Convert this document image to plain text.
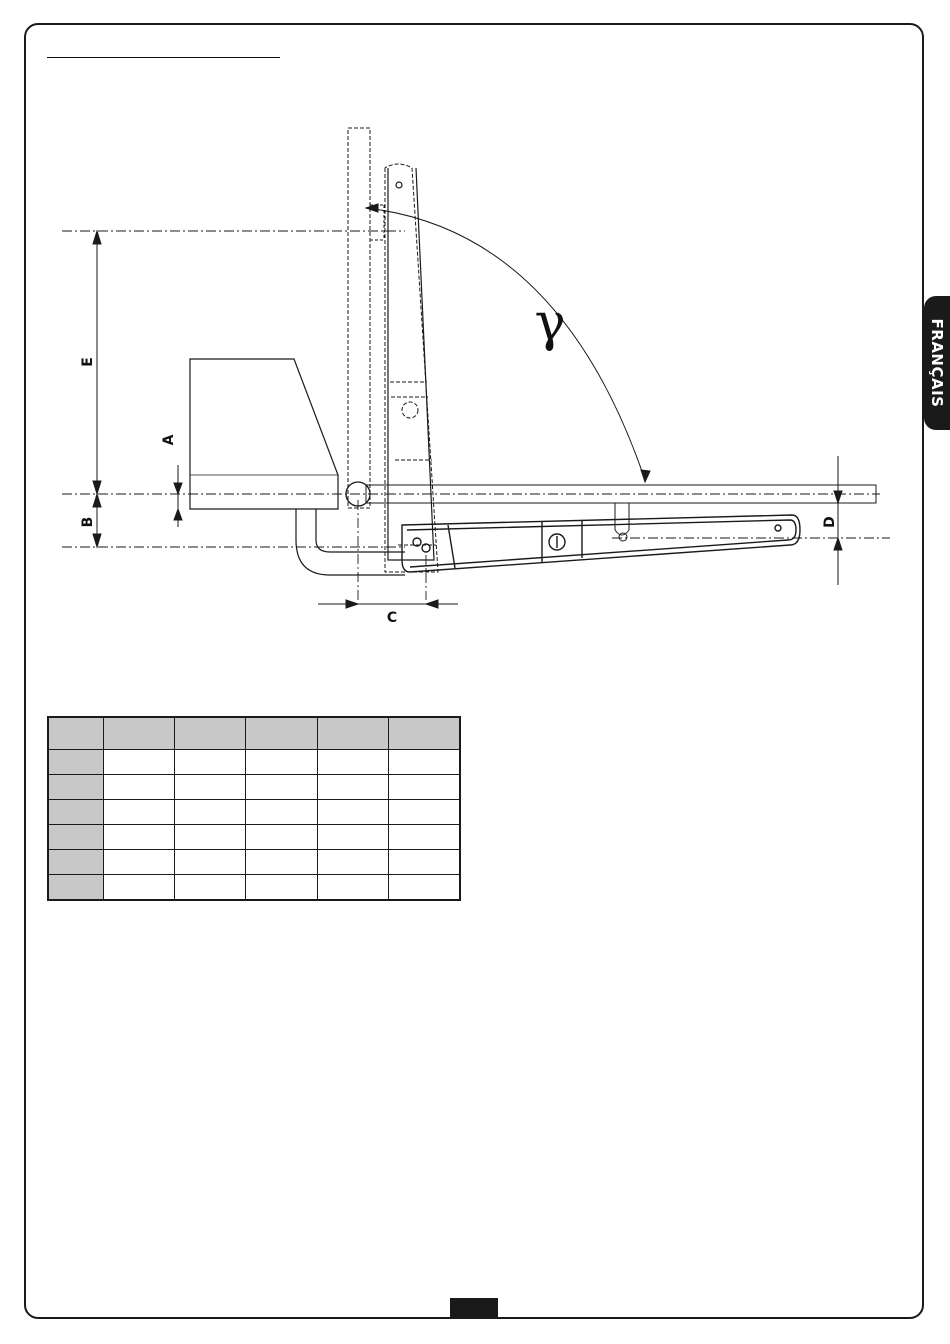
FRANÇAIS
E
B
A
C
D
γ
